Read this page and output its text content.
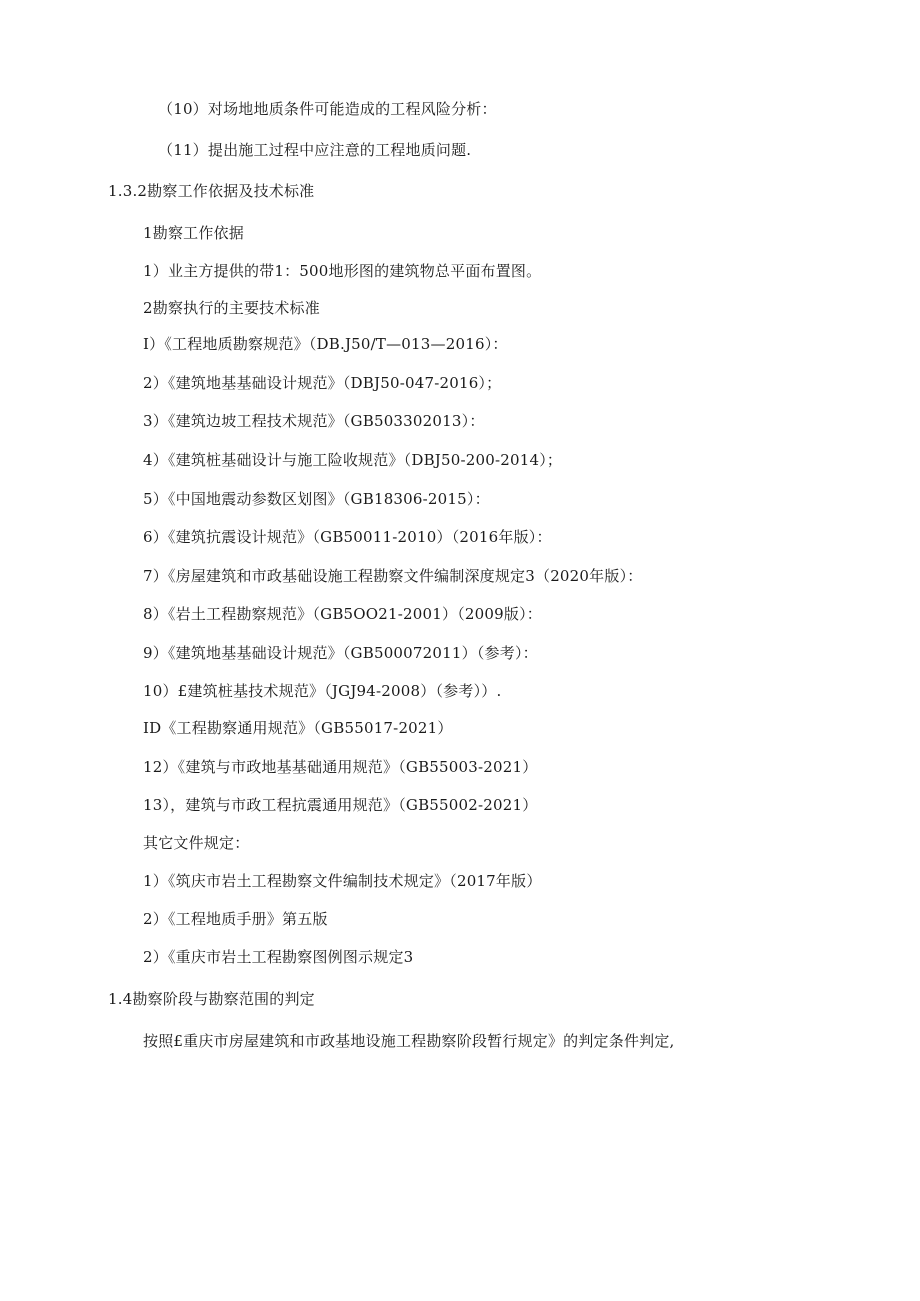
（10）对场地地质条件可能造成的工程风险分析：
（11）提出施工过程中应注意的工程地质问题.
1.3.2勘察工作依据及技术标准
1勘察工作依据
1）业主方提供的带1：500地形图的建筑物总平面布置图。
2勘察执行的主要技术标准
I）《工程地质勘察规范》（DB.J50/T—013—2016）：
2）《建筑地基基础设计规范》（DBJ50-047-2016）；
3）《建筑边坡工程技术规范》（GB503302013）：
4）《建筑桩基础设计与施工险收规范》（DBJ50-200-2014）；
5）《中国地震动参数区划图》（GB18306-2015）：
6）《建筑抗震设计规范》（GB50011-2010）（2016年版）：
7）《房屋建筑和市政基础设施工程勘察文件编制深度规定3（2020年版）：
8）《岩土工程勘察规范》（GB5OO21-2001）（2009版）：
9）《建筑地基基础设计规范》（GB500072011）（参考）：
10）£建筑桩基技术规范》（JGJ94-2008）（参考））.
ID《工程勘察通用规范》（GB55017-2021）
12）《建筑与市政地基基础通用规范》（GB55003-2021）
13），建筑与市政工程抗震通用规范》（GB55002-2021）
其它文件规定：
1）《筑庆市岩土工程勘察文件编制技术规定》（2017年版）
2）《工程地质手册》第五版
2）《重庆市岩土工程勘察图例图示规定3
1.4勘察阶段与勘察范围的判定
按照£重庆市房屋建筑和市政基地设施工程勘察阶段暂行规定》的判定条件判定,
